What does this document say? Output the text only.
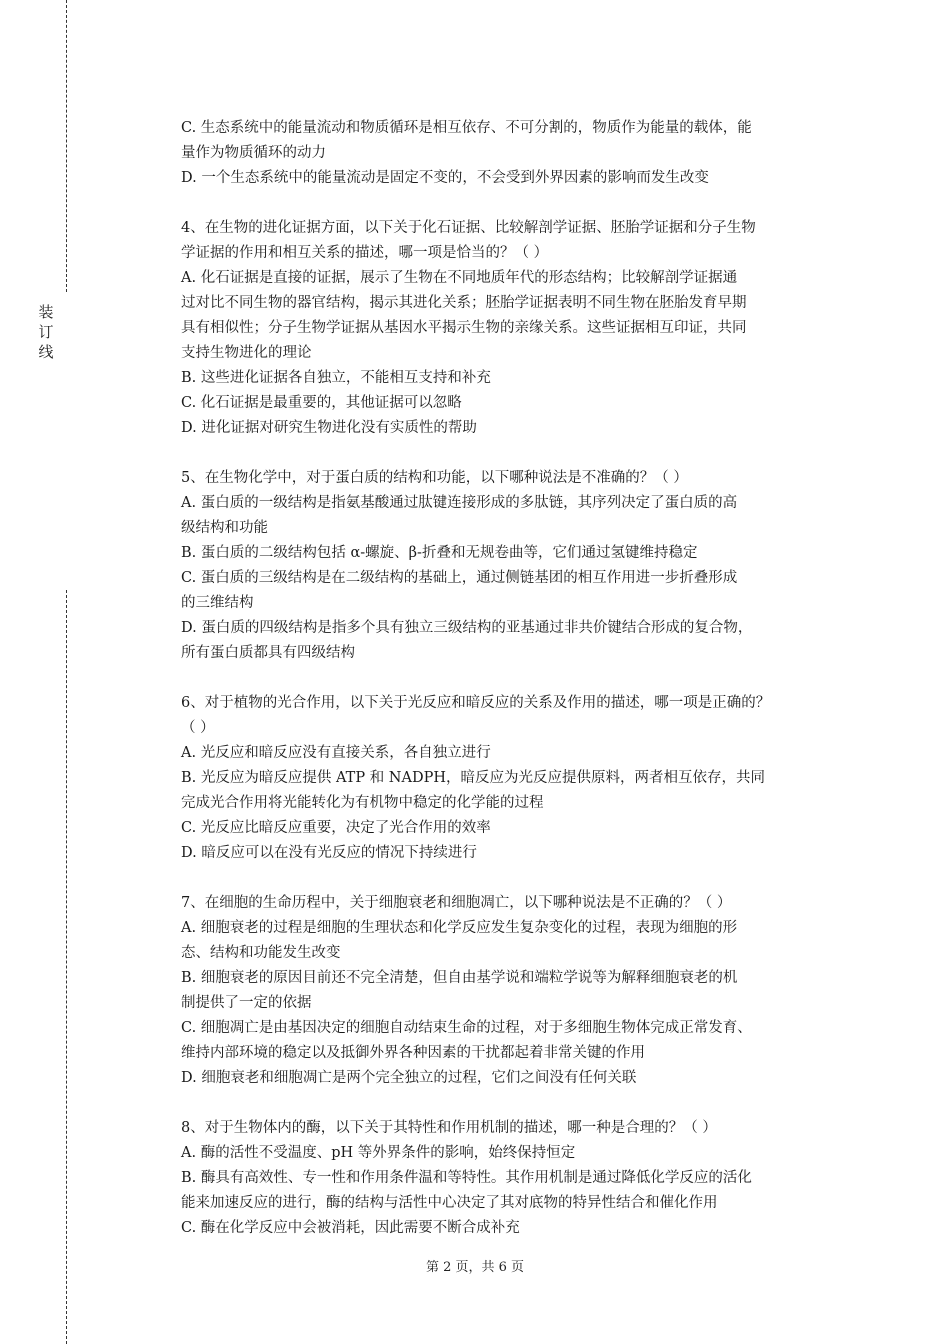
装
订
线
C. 生态系统中的能量流动和物质循环是相互依存、不可分割的，物质作为能量的载体，能
量作为物质循环的动力
D. 一个生态系统中的能量流动是固定不变的，不会受到外界因素的影响而发生改变
4、在生物的进化证据方面，以下关于化石证据、比较解剖学证据、胚胎学证据和分子生物
学证据的作用和相互关系的描述，哪一项是恰当的？（ ）
A. 化石证据是直接的证据，展示了生物在不同地质年代的形态结构；比较解剖学证据通
过对比不同生物的器官结构，揭示其进化关系；胚胎学证据表明不同生物在胚胎发育早期
具有相似性；分子生物学证据从基因水平揭示生物的亲缘关系。这些证据相互印证，共同
支持生物进化的理论
B. 这些进化证据各自独立，不能相互支持和补充
C. 化石证据是最重要的，其他证据可以忽略
D. 进化证据对研究生物进化没有实质性的帮助
5、在生物化学中，对于蛋白质的结构和功能，以下哪种说法是不准确的？（ ）
A. 蛋白质的一级结构是指氨基酸通过肽键连接形成的多肽链，其序列决定了蛋白质的高
级结构和功能
B. 蛋白质的二级结构包括 α-螺旋、β-折叠和无规卷曲等，它们通过氢键维持稳定
C. 蛋白质的三级结构是在二级结构的基础上，通过侧链基团的相互作用进一步折叠形成
的三维结构
D. 蛋白质的四级结构是指多个具有独立三级结构的亚基通过非共价键结合形成的复合物，
所有蛋白质都具有四级结构
6、对于植物的光合作用，以下关于光反应和暗反应的关系及作用的描述，哪一项是正确的？
（ ）
A. 光反应和暗反应没有直接关系，各自独立进行
B. 光反应为暗反应提供 ATP 和 NADPH，暗反应为光反应提供原料，两者相互依存，共同
完成光合作用将光能转化为有机物中稳定的化学能的过程
C. 光反应比暗反应重要，决定了光合作用的效率
D. 暗反应可以在没有光反应的情况下持续进行
7、在细胞的生命历程中，关于细胞衰老和细胞凋亡，以下哪种说法是不正确的？（ ）
A. 细胞衰老的过程是细胞的生理状态和化学反应发生复杂变化的过程，表现为细胞的形
态、结构和功能发生改变
B. 细胞衰老的原因目前还不完全清楚，但自由基学说和端粒学说等为解释细胞衰老的机
制提供了一定的依据
C. 细胞凋亡是由基因决定的细胞自动结束生命的过程，对于多细胞生物体完成正常发育、
维持内部环境的稳定以及抵御外界各种因素的干扰都起着非常关键的作用
D. 细胞衰老和细胞凋亡是两个完全独立的过程，它们之间没有任何关联
8、对于生物体内的酶，以下关于其特性和作用机制的描述，哪一种是合理的？（ ）
A. 酶的活性不受温度、pH 等外界条件的影响，始终保持恒定
B. 酶具有高效性、专一性和作用条件温和等特性。其作用机制是通过降低化学反应的活化
能来加速反应的进行，酶的结构与活性中心决定了其对底物的特异性结合和催化作用
C. 酶在化学反应中会被消耗，因此需要不断合成补充
第 2 页，共 6 页
